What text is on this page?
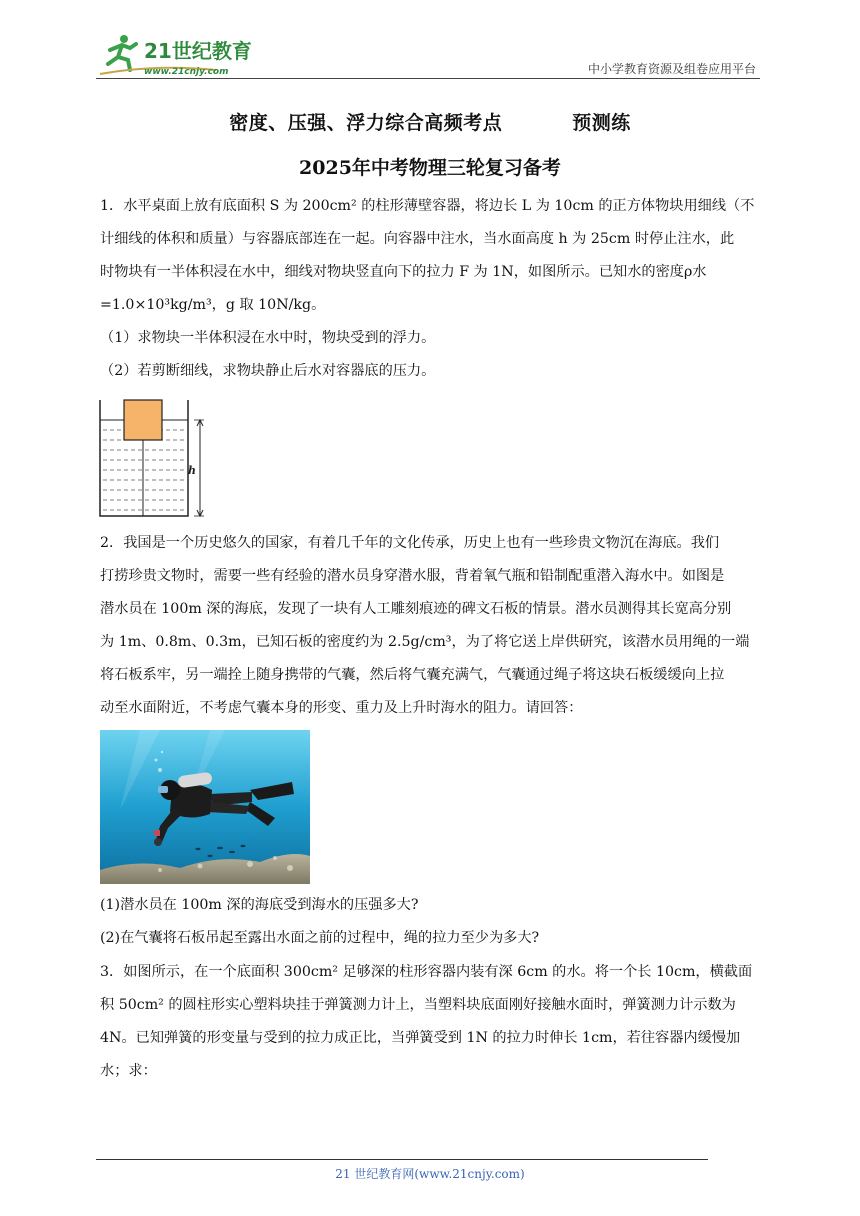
21世纪教育
www.21cnjy.com	中小学教育资源及组卷应用平台
密度、压强、浮力综合高频考点	预测练
2025年中考物理三轮复习备考
1．水平桌面上放有底面积 S 为 200cm² 的柱形薄壁容器，将边长 L 为 10cm 的正方体物块用细线（不
计细线的体积和质量）与容器底部连在一起。向容器中注水，当水面高度 h 为 25cm 时停止注水，此
时物块有一半体积浸在水中，细线对物块竖直向下的拉力 F 为 1N，如图所示。已知水的密度ρ水
=1.0×10³kg/m³，g 取 10N/kg。
（1）求物块一半体积浸在水中时，物块受到的浮力。
（2）若剪断细线，求物块静止后水对容器底的压力。
h
2．我国是一个历史悠久的国家，有着几千年的文化传承，历史上也有一些珍贵文物沉在海底。我们
打捞珍贵文物时，需要一些有经验的潜水员身穿潜水服，背着氧气瓶和铅制配重潜入海水中。如图是
潜水员在 100m 深的海底，发现了一块有人工雕刻痕迹的碑文石板的情景。潜水员测得其长宽高分别
为 1m、0.8m、0.3m，已知石板的密度约为 2.5g/cm³，为了将它送上岸供研究，该潜水员用绳的一端
将石板系牢，另一端拴上随身携带的气囊，然后将气囊充满气，气囊通过绳子将这块石板缓缓向上拉
动至水面附近，不考虑气囊本身的形变、重力及上升时海水的阻力。请回答：
(1)潜水员在 100m 深的海底受到海水的压强多大?
(2)在气囊将石板吊起至露出水面之前的过程中，绳的拉力至少为多大?
3．如图所示，在一个底面积 300cm² 足够深的柱形容器内装有深 6cm 的水。将一个长 10cm，横截面
积 50cm² 的圆柱形实心塑料块挂于弹簧测力计上，当塑料块底面刚好接触水面时，弹簧测力计示数为
4N。已知弹簧的形变量与受到的拉力成正比，当弹簧受到 1N 的拉力时伸长 1cm，若往容器内缓慢加
水；求：
21 世纪教育网(www.21cnjy.com)
